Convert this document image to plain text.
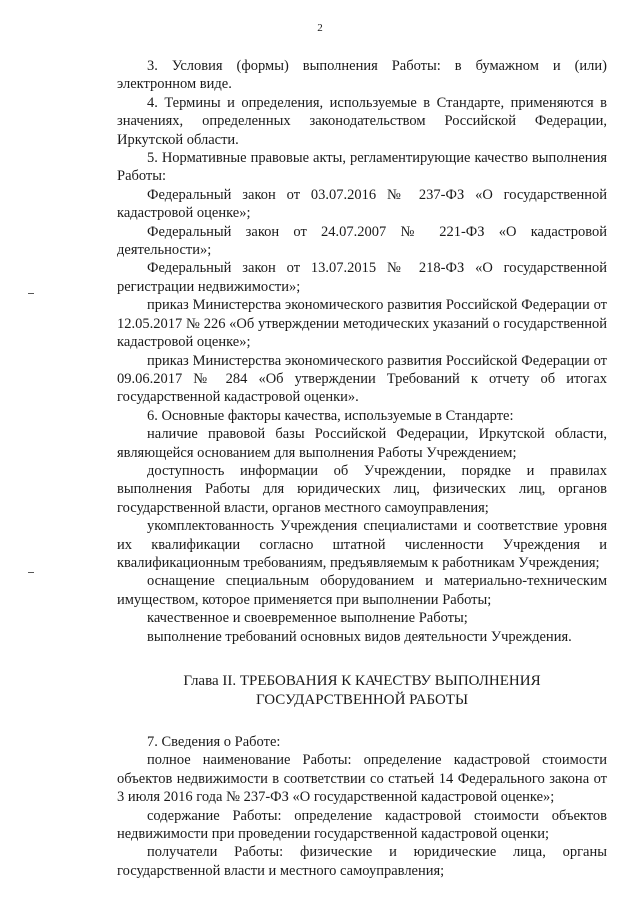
2

3. Условия (формы) выполнения Работы: в бумажном и (или) электронном виде.

4. Термины и определения, используемые в Стандарте, применяются в значениях, определенных законодательством Российской Федерации, Иркутской области.

5. Нормативные правовые акты, регламентирующие качество выполнения Работы:

Федеральный закон от 03.07.2016 № 237-ФЗ «О государственной кадастровой оценке»;

Федеральный закон от 24.07.2007 № 221-ФЗ «О кадастровой деятельности»;

Федеральный закон от 13.07.2015 № 218-ФЗ «О государственной регистрации недвижимости»;

приказ Министерства экономического развития Российской Федерации от 12.05.2017 № 226 «Об утверждении методических указаний о государственной кадастровой оценке»;

приказ Министерства экономического развития Российской Федерации от 09.06.2017 № 284 «Об утверждении Требований к отчету об итогах государственной кадастровой оценки».

6. Основные факторы качества, используемые в Стандарте:

наличие правовой базы Российской Федерации, Иркутской области, являющейся основанием для выполнения Работы Учреждением;

доступность информации об Учреждении, порядке и правилах выполнения Работы для юридических лиц, физических лиц, органов государственной власти, органов местного самоуправления;

укомплектованность Учреждения специалистами и соответствие уровня их квалификации согласно штатной численности Учреждения и квалификационным требованиям, предъявляемым к работникам Учреждения;

оснащение специальным оборудованием и материально-техническим имуществом, которое применяется при выполнении Работы;

качественное и своевременное выполнение Работы;

выполнение требований основных видов деятельности Учреждения.

Глава II. ТРЕБОВАНИЯ К КАЧЕСТВУ ВЫПОЛНЕНИЯ
ГОСУДАРСТВЕННОЙ РАБОТЫ

7. Сведения о Работе:

полное наименование Работы: определение кадастровой стоимости объектов недвижимости в соответствии со статьей 14 Федерального закона от 3 июля 2016 года № 237-ФЗ «О государственной кадастровой оценке»;

содержание Работы: определение кадастровой стоимости объектов недвижимости при проведении государственной кадастровой оценки;

получатели Работы: физические и юридические лица, органы государственной власти и местного самоуправления;
